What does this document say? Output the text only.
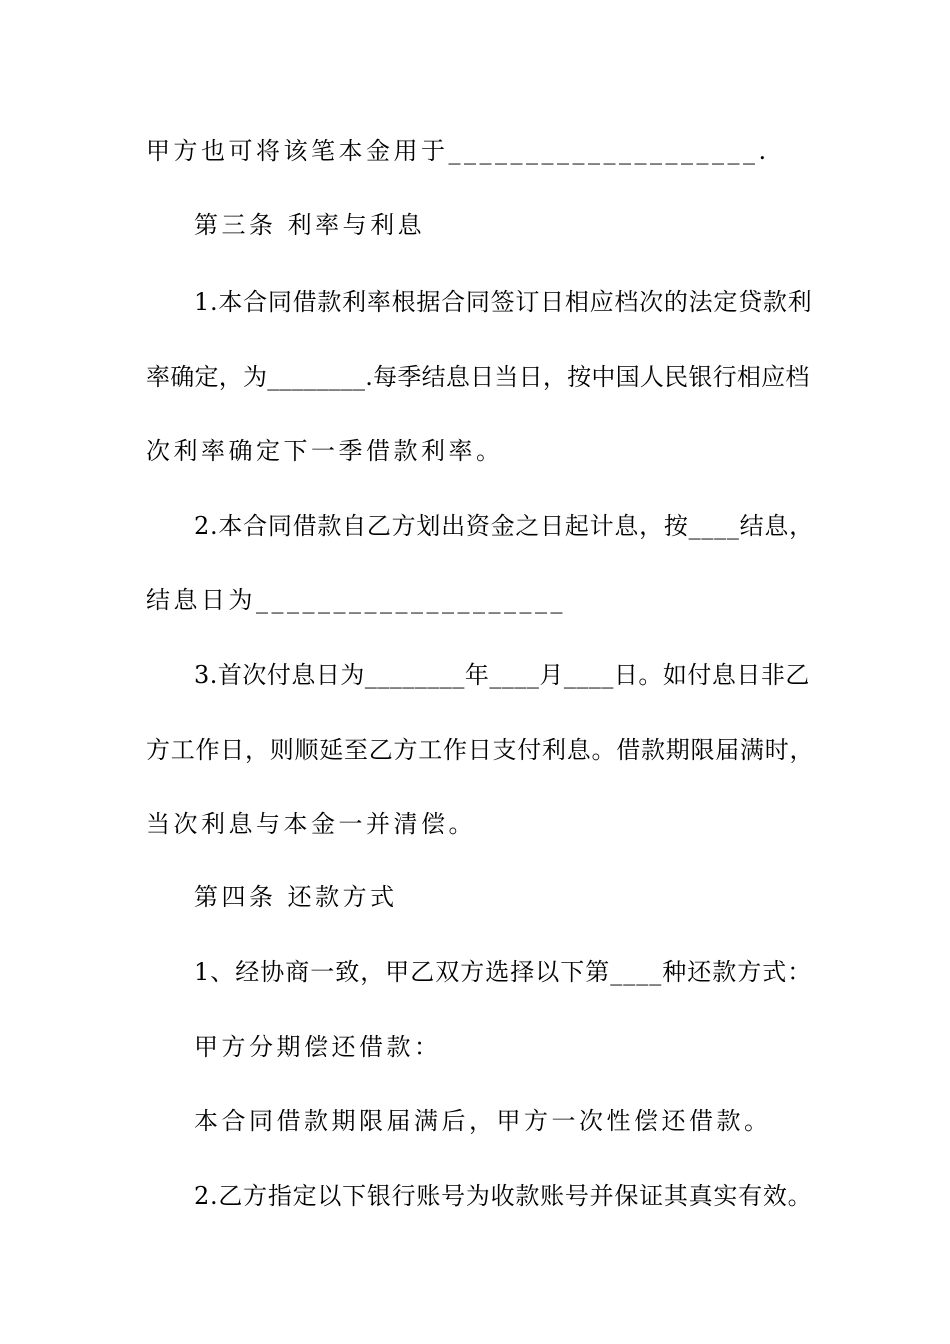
甲方也可将该笔本金用于____________________.
第三条 利率与利息
1.本合同借款利率根据合同签订日相应档次的法定贷款利
率确定，为________.每季结息日当日，按中国人民银行相应档
次利率确定下一季借款利率。
2.本合同借款自乙方划出资金之日起计息，按____结息，
结息日为____________________
3.首次付息日为________年____月____日。如付息日非乙
方工作日，则顺延至乙方工作日支付利息。借款期限届满时，
当次利息与本金一并清偿。
第四条 还款方式
1、经协商一致，甲乙双方选择以下第____种还款方式：
甲方分期偿还借款：
本合同借款期限届满后，甲方一次性偿还借款。
2.乙方指定以下银行账号为收款账号并保证其真实有效。
